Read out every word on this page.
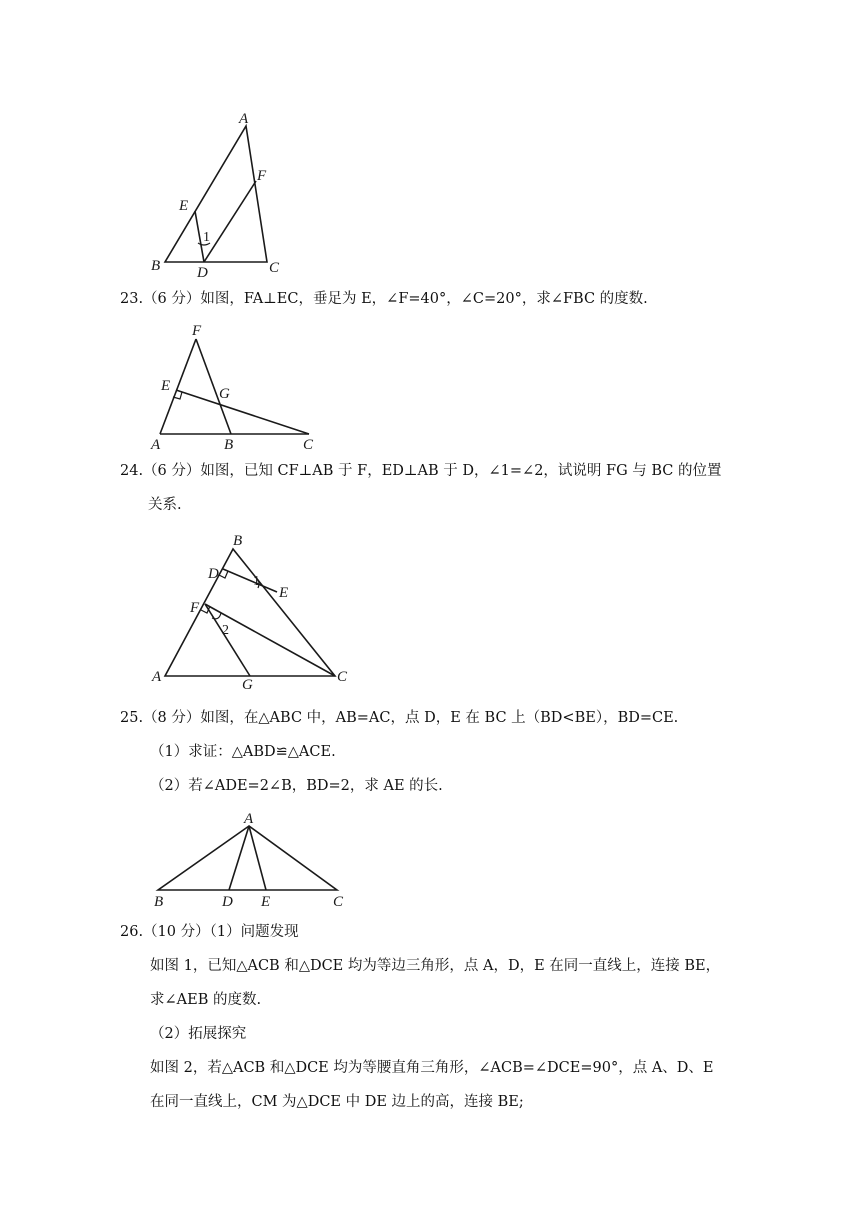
A
F
E
1
B D	C
23.（6 分）如图，FA⊥EC，垂足为 E，∠F=40°，∠C=20°，求∠FBC 的度数.
F
E	G
A	B	C
24.（6 分）如图，已知 CF⊥AB 于 F，ED⊥AB 于 D，∠1=∠2，试说明 FG 与 BC 的位置
关系.
B
D 1
E
F
2
A	G	C
25.（8 分）如图，在△ABC 中，AB=AC，点 D，E 在 BC 上（BD<BE），BD=CE.
（1）求证：△ABD≌△ACE.
（2）若∠ADE=2∠B，BD=2，求 AE 的长.
A
B	D E	C
26.（10 分）（1）问题发现
如图 1，已知△ACB 和△DCE 均为等边三角形，点 A，D，E 在同一直线上，连接 BE，
求∠AEB 的度数.
（2）拓展探究
如图 2，若△ACB 和△DCE 均为等腰直角三角形，∠ACB=∠DCE=90°，点 A、D、E
在同一直线上，CM 为△DCE 中 DE 边上的高，连接 BE;
